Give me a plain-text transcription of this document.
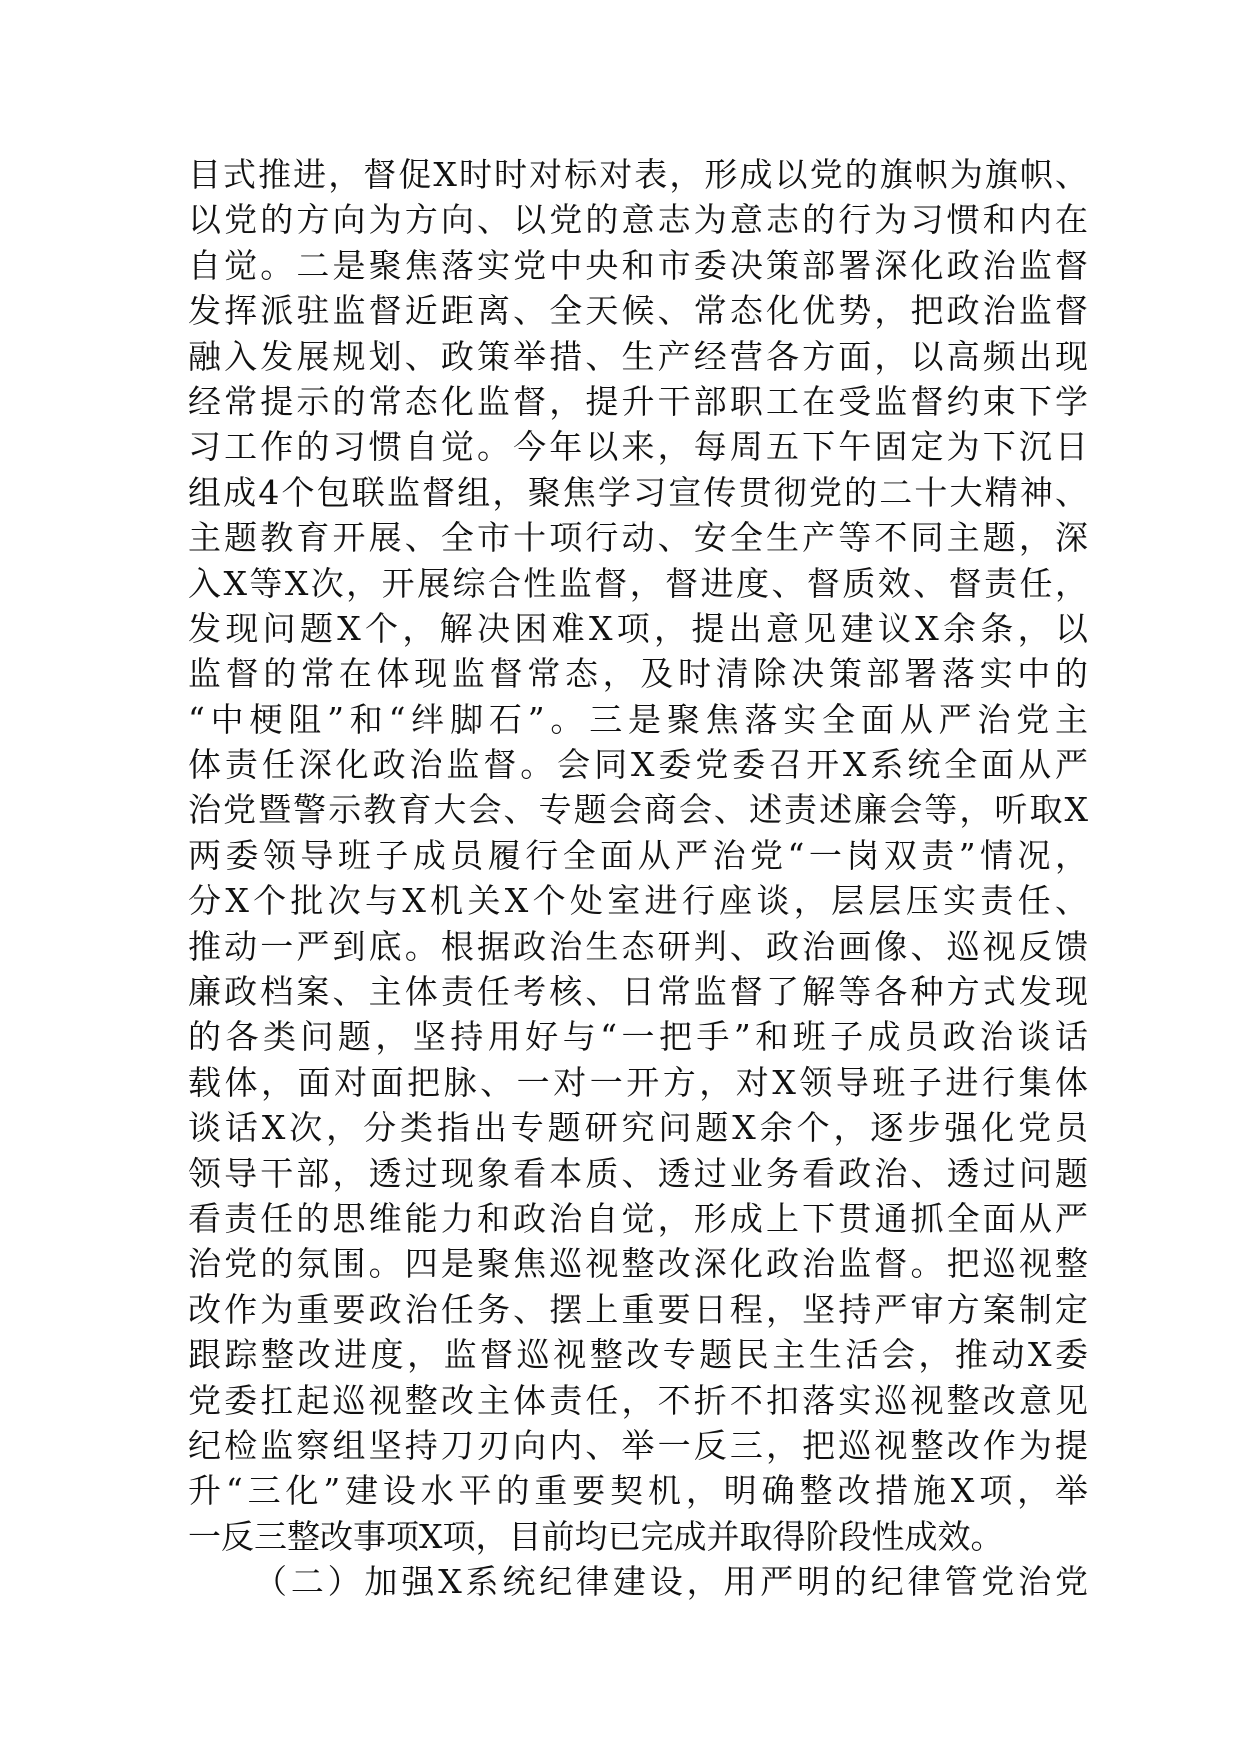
目式推进，督促X时时对标对表，形成以党的旗帜为旗帜、
以党的方向为方向、以党的意志为意志的行为习惯和内在
自觉。二是聚焦落实党中央和市委决策部署深化政治监督
发挥派驻监督近距离、全天候、常态化优势，把政治监督
融入发展规划、政策举措、生产经营各方面，以高频出现
经常提示的常态化监督，提升干部职工在受监督约束下学
习工作的习惯自觉。今年以来，每周五下午固定为下沉日
组成4个包联监督组，聚焦学习宣传贯彻党的二十大精神、
主题教育开展、全市十项行动、安全生产等不同主题，深
入X等X次，开展综合性监督，督进度、督质效、督责任，
发现问题X个，解决困难X项，提出意见建议X余条，以
监督的常在体现监督常态，及时清除决策部署落实中的
“中梗阻”和“绊脚石”。三是聚焦落实全面从严治党主
体责任深化政治监督。会同X委党委召开X系统全面从严
治党暨警示教育大会、专题会商会、述责述廉会等，听取X
两委领导班子成员履行全面从严治党“一岗双责”情况，
分X个批次与X机关X个处室进行座谈，层层压实责任、
推动一严到底。根据政治生态研判、政治画像、巡视反馈
廉政档案、主体责任考核、日常监督了解等各种方式发现
的各类问题，坚持用好与“一把手”和班子成员政治谈话
载体，面对面把脉、一对一开方，对X领导班子进行集体
谈话X次，分类指出专题研究问题X余个，逐步强化党员
领导干部，透过现象看本质、透过业务看政治、透过问题
看责任的思维能力和政治自觉，形成上下贯通抓全面从严
治党的氛围。四是聚焦巡视整改深化政治监督。把巡视整
改作为重要政治任务、摆上重要日程，坚持严审方案制定
跟踪整改进度，监督巡视整改专题民主生活会，推动X委
党委扛起巡视整改主体责任，不折不扣落实巡视整改意见
纪检监察组坚持刀刃向内、举一反三，把巡视整改作为提
升“三化”建设水平的重要契机，明确整改措施X项，举
一反三整改事项X项，目前均已完成并取得阶段性成效。
（二）加强X系统纪律建设，用严明的纪律管党治党
